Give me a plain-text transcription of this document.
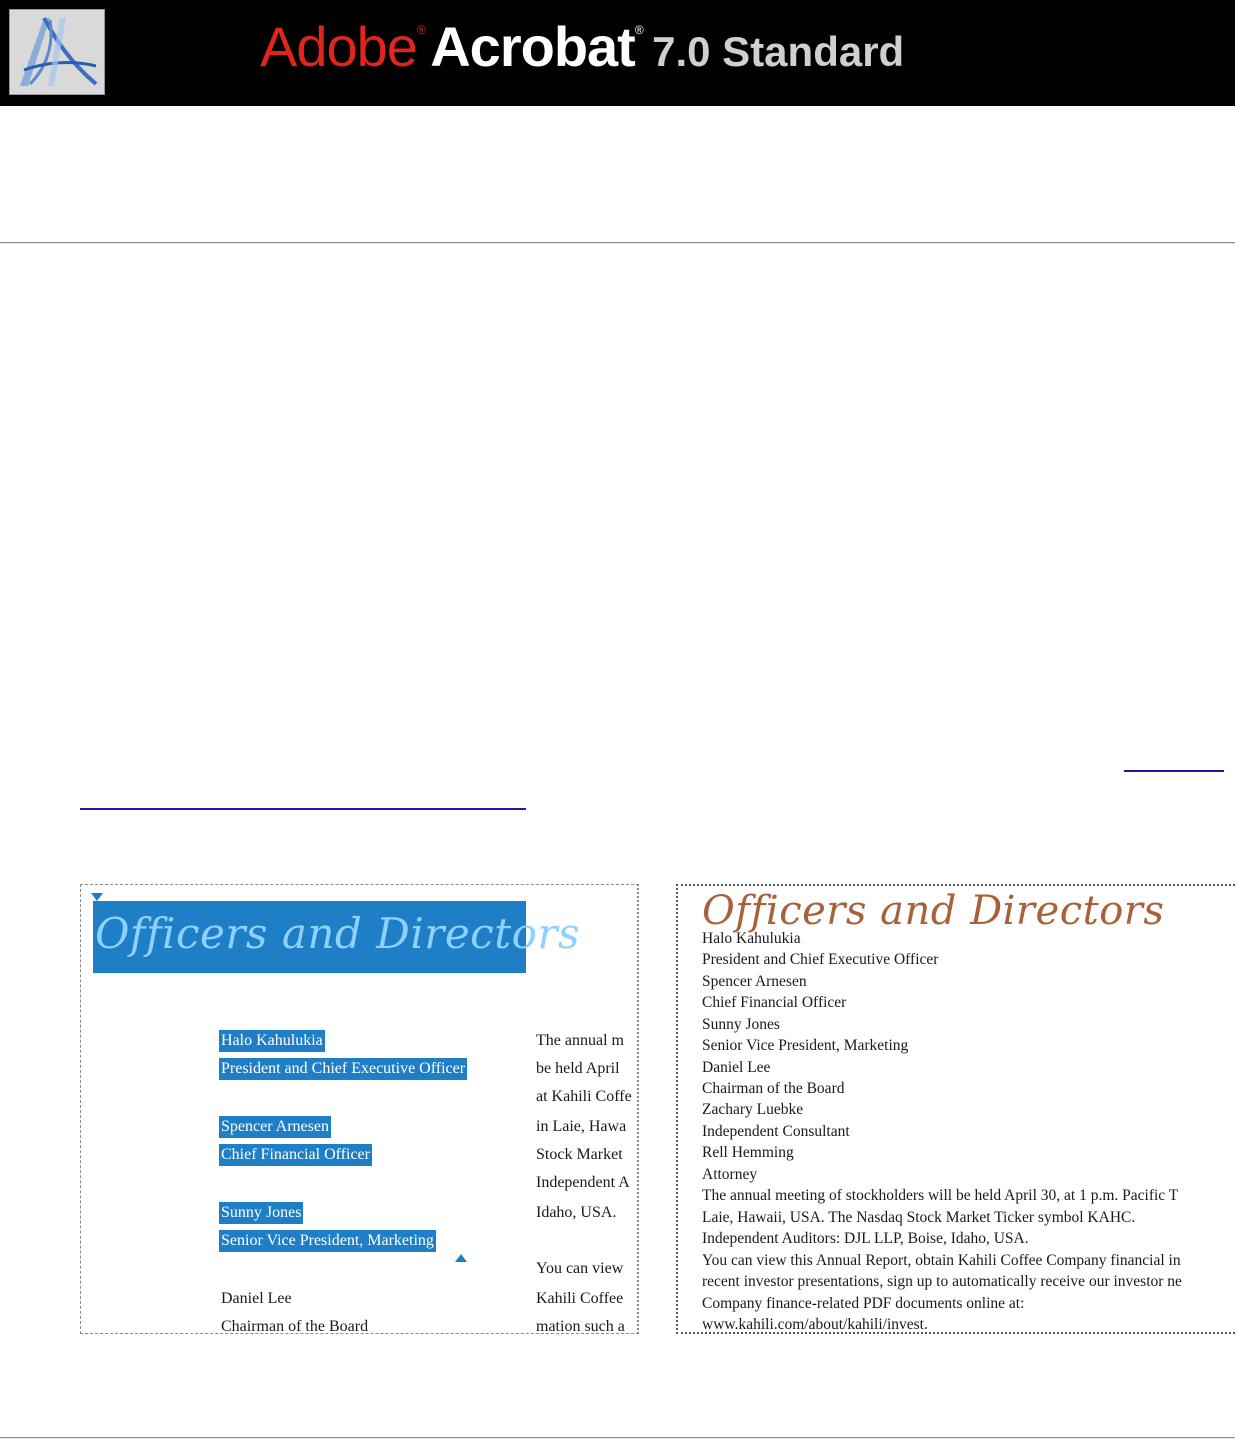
Adobe® Acrobat® 7.0 Standard
Officers and Directors
Halo Kahulukia
President and Chief Executive Officer
Spencer Arnesen
Chief Financial Officer
Sunny Jones
Senior Vice President, Marketing
Daniel Lee
Chairman of the Board
The annual m
be held April
at Kahili Coffe
in Laie, Hawa
Stock Market
Independent A
Idaho, USA.
You can view
Kahili Coffee
mation such a
Officers and Directors
Halo Kahulukia
President and Chief Executive Officer
Spencer Arnesen
Chief Financial Officer
Sunny Jones
Senior Vice President, Marketing
Daniel Lee
Chairman of the Board
Zachary Luebke
Independent Consultant
Rell Hemming
Attorney
The annual meeting of stockholders will be held April 30, at 1 p.m. Pacific T
Laie, Hawaii, USA. The Nasdaq Stock Market Ticker symbol KAHC.
Independent Auditors: DJL LLP, Boise, Idaho, USA.
You can view this Annual Report, obtain Kahili Coffee Company financial in
recent investor presentations, sign up to automatically receive our investor ne
Company finance-related PDF documents online at:
www.kahili.com/about/kahili/invest.
